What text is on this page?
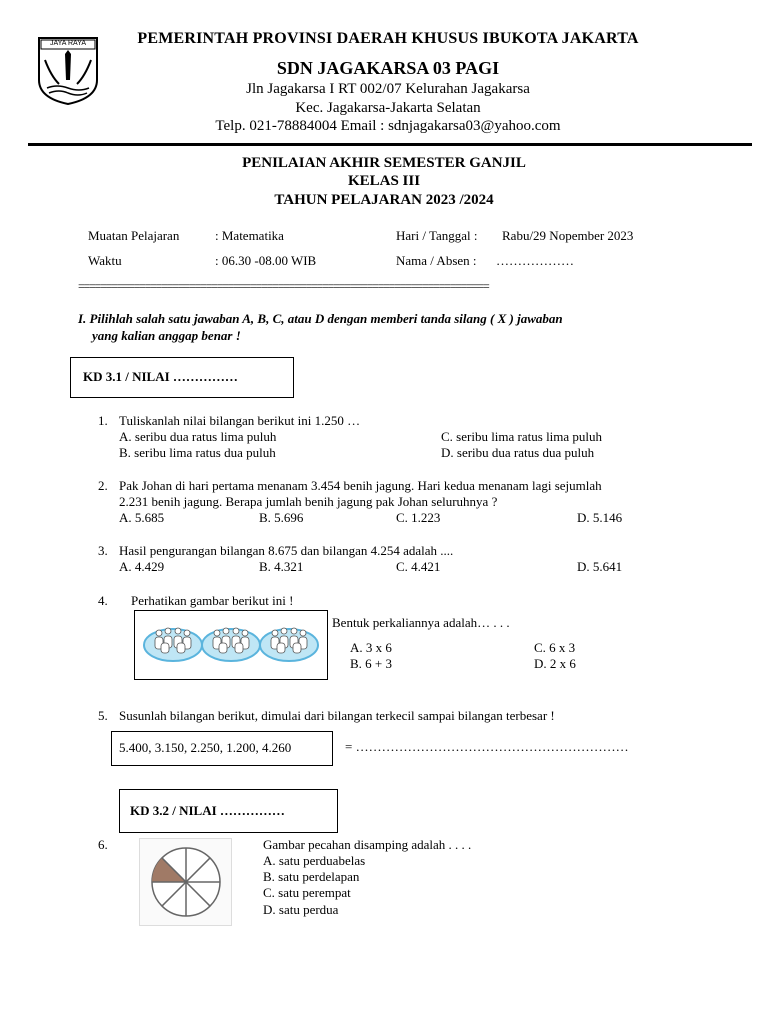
JAYA RAYA	PEMERINTAH PROVINSI DAERAH KHUSUS IBUKOTA JAKARTA
SDN JAGAKARSA 03 PAGI
Jln Jagakarsa I RT 002/07 Kelurahan Jagakarsa
Kec. Jagakarsa-Jakarta Selatan
Telp. 021-78884004 Email : sdnjagakarsa03@yahoo.com
PENILAIAN AKHIR SEMESTER GANJIL
KELAS III
TAHUN PELAJARAN 2023 /2024
Muatan Pelajaran	: Matematika	Hari / Tanggal : Rabu/29 Nopember 2023
Waktu	: 06.30 -08.00 WIB	Nama / Absen : ………………
==========================================================================
I. Pilihlah salah satu jawaban A, B, C, atau D dengan memberi tanda silang ( X ) jawaban
yang kalian anggap benar !
KD 3.1 / NILAI ……………
1. Tuliskanlah nilai bilangan berikut ini 1.250 …
A. seribu dua ratus lima puluh
B. seribu lima ratus dua puluh
C. seribu lima ratus lima puluh
D. seribu dua ratus dua puluh
2. Pak Johan di hari pertama menanam 3.454 benih jagung. Hari kedua menanam lagi sejumlah
2.231 benih jagung. Berapa jumlah benih jagung pak Johan seluruhnya ?
A. 5.685	B. 5.696	C. 1.223	D. 5.146
3. Hasil pengurangan bilangan 8.675 dan bilangan 4.254 adalah ....
A. 4.429	B. 4.321	C. 4.421	D. 5.641
4. Perhatikan gambar berikut ini !
Bentuk perkaliannya adalah… . . .
A. 3 x 6
B. 6 + 3
C. 6 x 3
D. 2 x 6
5. Susunlah bilangan berikut, dimulai dari bilangan terkecil sampai bilangan terbesar !
5.400, 3.150, 2.250, 1.200, 4.260	= ………………………………………………………
KD 3.2 / NILAI ……………
6.	Gambar pecahan disamping adalah . . . .
A. satu perduabelas
B. satu perdelapan
C. satu perempat
D. satu perdua
